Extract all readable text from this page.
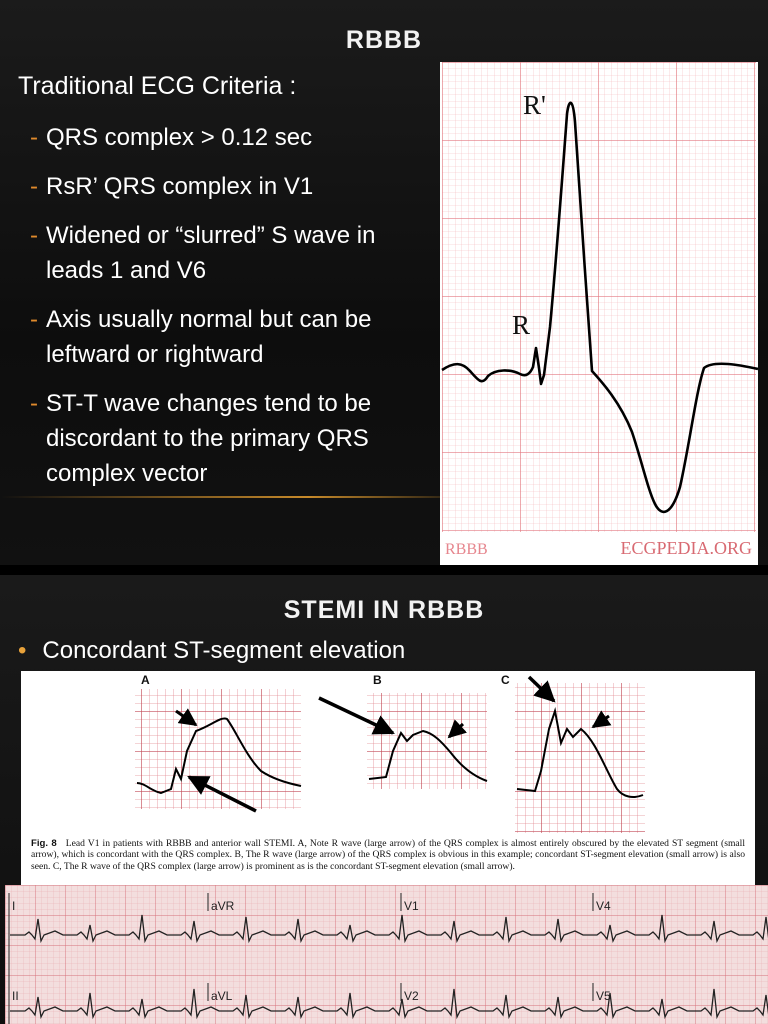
RBBB
Traditional ECG Criteria :
- QRS complex > 0.12 sec
- RsR’ QRS complex in V1
- Widened or “slurred” S wave in leads 1 and V6
- Axis usually normal but can be leftward or rightward
- ST-T wave changes tend to be discordant to the primary QRS complex vector
R'
R
RBBB	ECGPEDIA.ORG
STEMI IN RBBB
• Concordant ST-segment elevation
A	B	C
Fig. 8 Lead V1 in patients with RBBB and anterior wall STEMI. A, Note R wave (large arrow) of the QRS complex is almost entirely obscured by the elevated ST segment (small arrow), which is concordant with the QRS complex. B, The R wave (large arrow) of the QRS complex is obvious in this example; concordant ST-segment elevation (small arrow) is also seen. C, The R wave of the QRS complex (large arrow) is prominent as is the concordant ST-segment elevation (small arrow).
I	aVR	V1	V4
II	aVL	V2	V5
